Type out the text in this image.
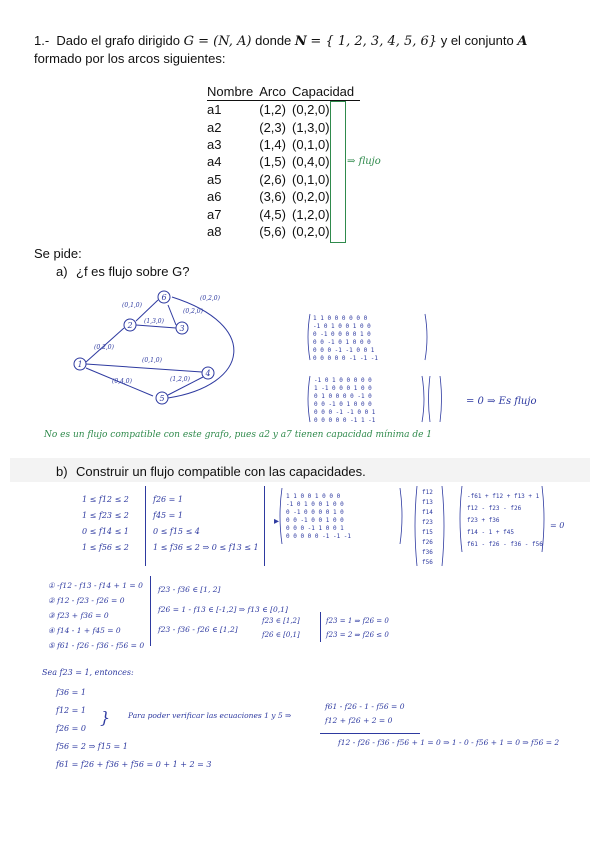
1.- Dado el grafo dirigido G = (N, A) donde N = { 1, 2, 3, 4, 5, 6} y el conjunto A
formado por los arcos siguientes:
Nombre	Arco	Capacidad
a1	(1,2)	(0,2,0)
a2	(2,3)	(1,3,0)
a3	(1,4)	(0,1,0)
a4	(1,5)	(0,4,0)
a5	(2,6)	(0,1,0)
a6	(3,6)	(0,2,0)
a7	(4,5)	(1,2,0)
a8	(5,6)	(0,2,0)
⇒ flujo
Se pide:
a) ¿f es flujo sobre G?
1
2	3
4
5
6
(0,2,0)
(1,3,0)
(0,1,0)
(0,4,0)
(0,1,0)
(0,2,0)
(1,2,0)
(0,2,0)
1 1 0 0 0 0 0 0
-1 0 1 0 0 1 0 0
0 -1 0 0 0 0 1 0
0 0 -1 0 1 0 0 0
0 0 0 -1 -1 0 0 1
0 0 0 0 0 -1 -1 -1
-1 0 1 0 0 0 0 0
1 -1 0 0 0 1 0 0
0 1 0 0 0 0 -1 0
0 0 -1 0 1 0 0 0
0 0 0 -1 -1 0 0 1
0 0 0 0 0 -1 1 -1
= 0 ⇒ Es flujo
No es un flujo compatible con este grafo, pues a2 y a7 tienen capacidad mínima de 1
b) Construir un flujo compatible con las capacidades.
1 ≤ f12 ≤ 2
1 ≤ f23 ≤ 2
0 ≤ f14 ≤ 1
1 ≤ f56 ≤ 2
f26 = 1
f45 = 1
0 ≤ f15 ≤ 4
1 ≤ f36 ≤ 2 ⇒ 0 ≤ f13 ≤ 1
1 1 0 0 1 0 0 0
-1 0 1 0 0 1 0 0
0 -1 0 0 0 0 1 0
0 0 -1 0 0 1 0 0
0 0 0 -1 1 0 0 1
0 0 0 0 0 -1 -1 -1
f12
f13
f14
f23
f15
f26
f36
f56
-f61 + f12 + f13 + 1
f12 - f23 - f26
f23 + f36
f14 - 1 + f45
f61 - f26 - f36 - f56
= 0
▸
① -f12 - f13 - f14 + 1 = 0
② f12 - f23 - f26 = 0
③ f23 + f36 = 0
④ f14 - 1 + f45 = 0
⑤ f61 - f26 - f36 - f56 = 0
f23 - f36 ∈ [1, 2]
f26 = 1 - f13 ∈ [-1,2] ⇒ f13 ∈ [0,1]
f23 - f36 - f26 ∈ [1,2]
f23 ∈ [1,2]
f26 ∈ [0,1]
f23 = 1 ⇒ f26 = 0
f23 = 2 ⇒ f26 ≤ 0
Sea f23 = 1, entonces:
f36 = 1
f12 = 1
f26 = 0
f56 = 2 ⇒ f15 = 1
f61 = f26 + f36 + f56 = 0 + 1 + 2 = 3
} Para poder verificar las ecuaciones 1 y 5 ⇒
f61 - f26 - 1 - f56 = 0
f12 + f26 + 2 = 0
f12 - f26 - f36 - f56 + 1 = 0 ⇒ 1 - 0 - f56 + 1 = 0 ⇒ f56 = 2
